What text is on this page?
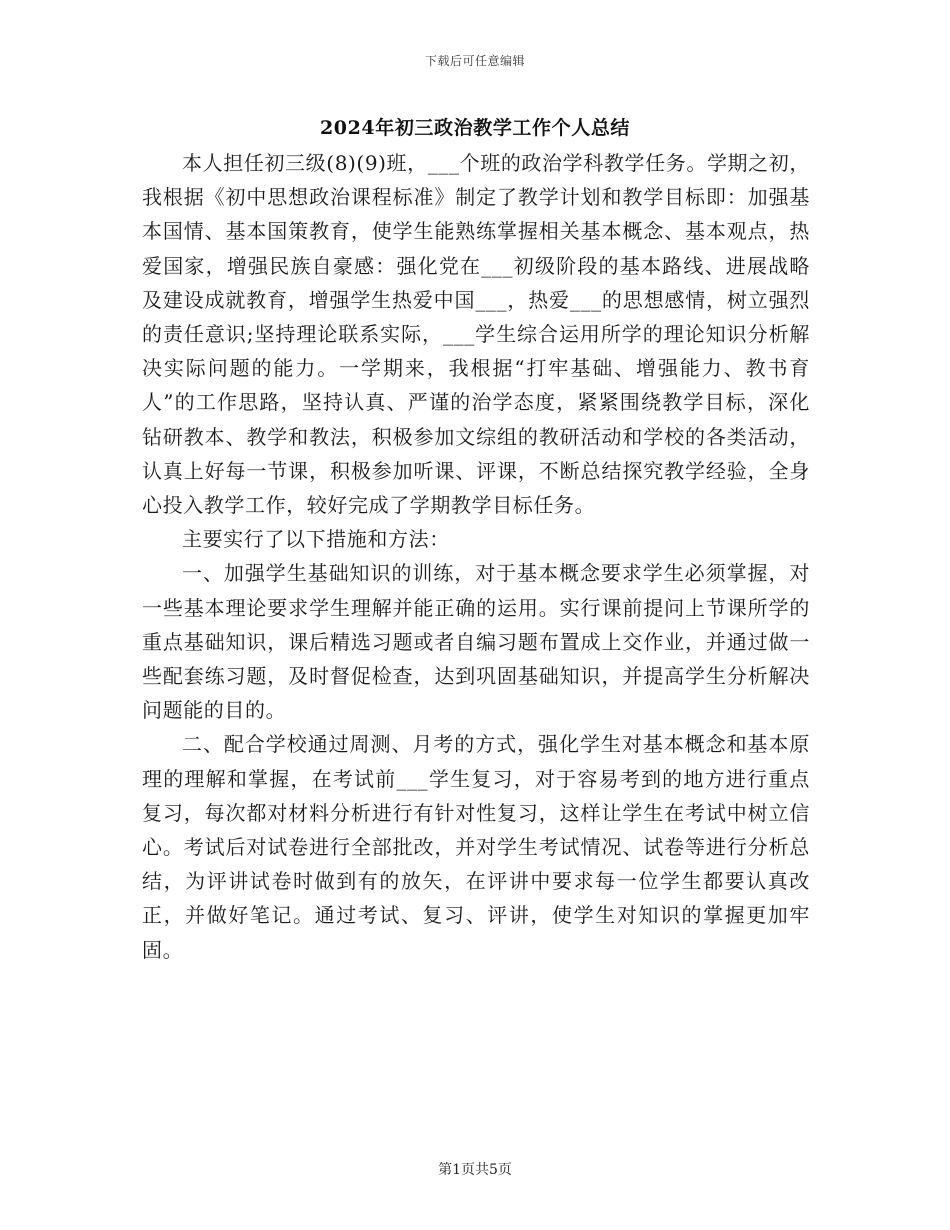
下载后可任意编辑
2024年初三政治教学工作个人总结

本人担任初三级(8)(9)班，___个班的政治学科教学任务。学期之初，我根据《初中思想政治课程标准》制定了教学计划和教学目标即：加强基本国情、基本国策教育，使学生能熟练掌握相关基本概念、基本观点，热爱国家，增强民族自豪感：强化党在___初级阶段的基本路线、进展战略及建设成就教育，增强学生热爱中国___，热爱___的思想感情，树立强烈的责任意识;坚持理论联系实际，___学生综合运用所学的理论知识分析解决实际问题的能力。一学期来，我根据“打牢基础、增强能力、教书育人”的工作思路，坚持认真、严谨的治学态度，紧紧围绕教学目标，深化钻研教本、教学和教法，积极参加文综组的教研活动和学校的各类活动，认真上好每一节课，积极参加听课、评课，不断总结探究教学经验，全身心投入教学工作，较好完成了学期教学目标任务。

主要实行了以下措施和方法：

一、加强学生基础知识的训练，对于基本概念要求学生必须掌握，对一些基本理论要求学生理解并能正确的运用。实行课前提问上节课所学的重点基础知识，课后精选习题或者自编习题布置成上交作业，并通过做一些配套练习题，及时督促检查，达到巩固基础知识，并提高学生分析解决问题能的目的。

二、配合学校通过周测、月考的方式，强化学生对基本概念和基本原理的理解和掌握，在考试前___学生复习，对于容易考到的地方进行重点复习，每次都对材料分析进行有针对性复习，这样让学生在考试中树立信心。考试后对试卷进行全部批改，并对学生考试情况、试卷等进行分析总结，为评讲试卷时做到有的放矢，在评讲中要求每一位学生都要认真改正，并做好笔记。通过考试、复习、评讲，使学生对知识的掌握更加牢固。

第1页共5页
